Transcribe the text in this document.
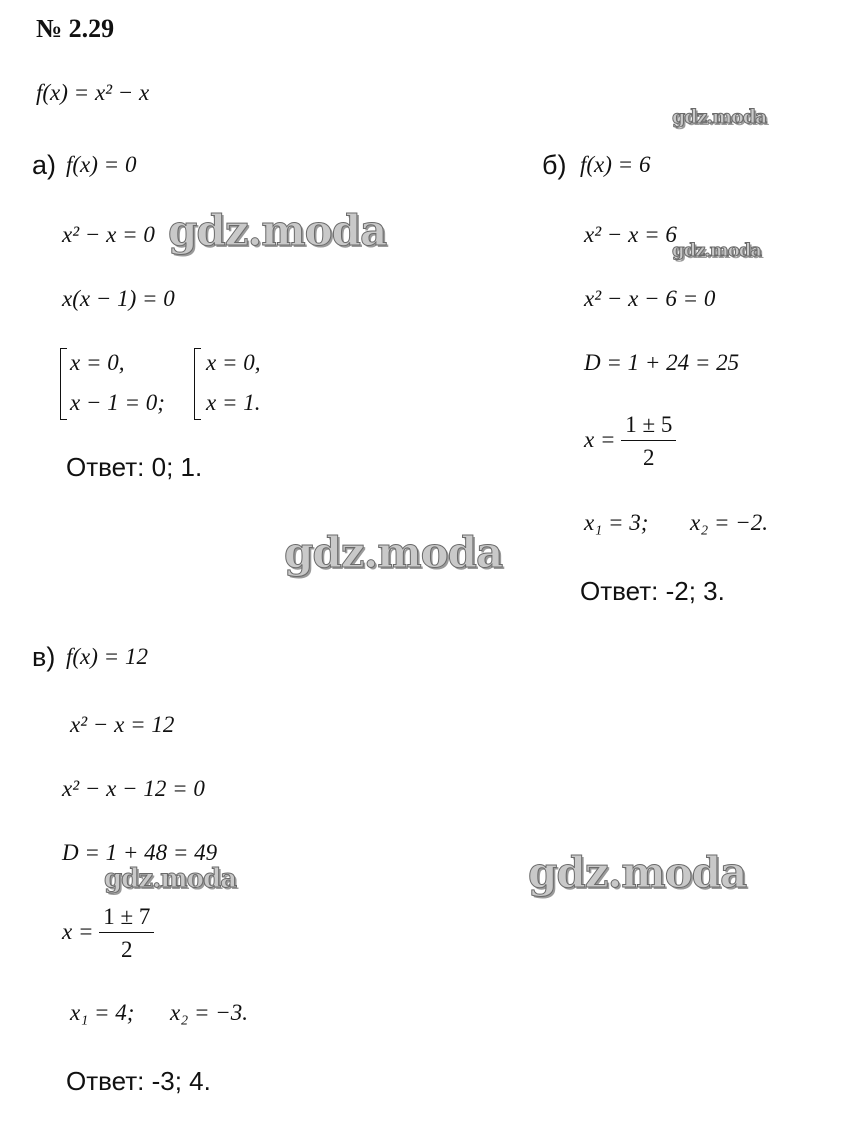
№ 2.29
f(x) = x² − x
gdz.moda
gdz.moda	gdz.moda
gdz.moda
gdz.moda	gdz.moda
а) f(x) = 0
x² − x = 0
x(x − 1) = 0
x = 0,
x − 1 = 0;
x = 0,
x = 1.
Ответ: 0; 1.
б) f(x) = 6
x² − x = 6
x² − x − 6 = 0
D = 1 + 24 = 25
$x = \frac{1 \pm 5}{2}$
x₁ = 3; x₂ = −2.
Ответ: -2; 3.
в) f(x) = 12
x² − x = 12
x² − x − 12 = 0
D = 1 + 48 = 49
$x = \frac{1 \pm 7}{2}$
x₁ = 4; x₂ = −3.
Ответ: -3; 4.
